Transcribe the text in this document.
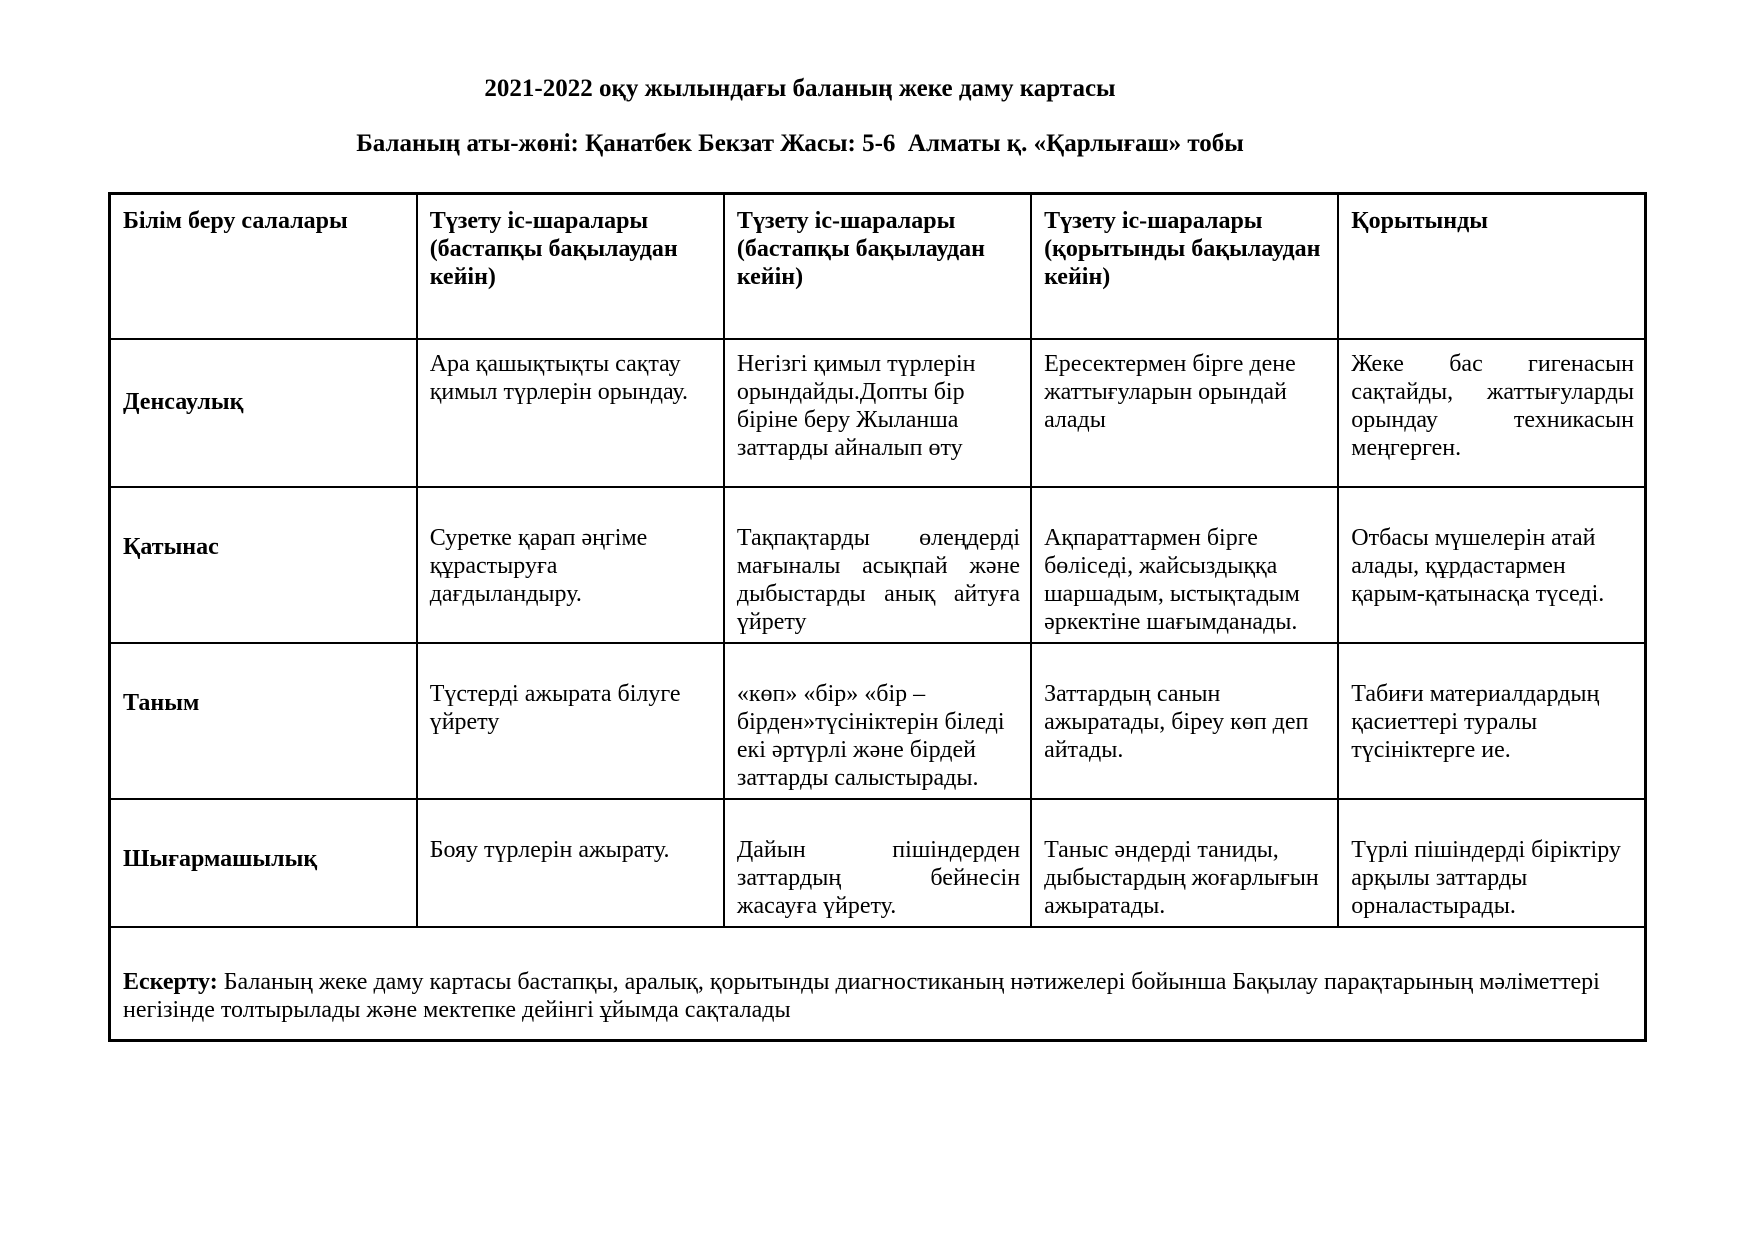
2021-2022 оқу жылындағы баланың жеке даму картасы

Баланың аты-жөні: Қанатбек Бекзат Жасы: 5-6  Алматы қ. «Қарлығаш» тобы

Білім беру салалары	Түзету іс-шаралары (бастапқы бақылаудан кейін)	Түзету іс-шаралары (бастапқы бақылаудан кейін)	Түзету іс-шаралары (қорытынды бақылаудан кейін)	Қорытынды
Денсаулық	Ара қашықтықты сақтау қимыл түрлерін орындау.	Негізгі қимыл түрлерін орындайды.Допты бір біріне беру Жыланша заттарды айналып өту	Ересектермен бірге дене жаттығуларын орындай алады	Жеке бас гигенасын сақтайды, жаттығуларды орындау техникасын меңгерген.
Қатынас	Суретке қарап әңгіме құрастыруға дағдыландыру.	Тақпақтарды өлеңдерді мағыналы асықпай және дыбыстарды анық айтуға үйрету	Ақпараттармен бірге бөліседі, жайсыздыққа шаршадым, ыстықтадым әркектіне шағымданады.	Отбасы мүшелерін атай алады, құрдастармен қарым-қатынасқа түседі.
Таным	Түстерді ажырата білуге үйрету	«көп» «бір» «бір – бірден»түсініктерін біледі екі әртүрлі және бірдей заттарды салыстырады.	Заттардың санын ажыратады, біреу көп деп айтады.	Табиғи материалдардың қасиеттері туралы түсініктерге ие.
Шығармашылық	Бояу түрлерін ажырату.	Дайын пішіндерден заттардың бейнесін жасауға үйрету.	Таныс әндерді таниды, дыбыстардың жоғарлығын ажыратады.	Түрлі пішіндерді біріктіру арқылы заттарды орналастырады.
Ескерту: Баланың жеке даму картасы бастапқы, аралық, қорытынды диагностиканың нәтижелері бойынша Бақылау парақтарының мәліметтері негізінде толтырылады және мектепке дейінгі ұйымда сақталады				
